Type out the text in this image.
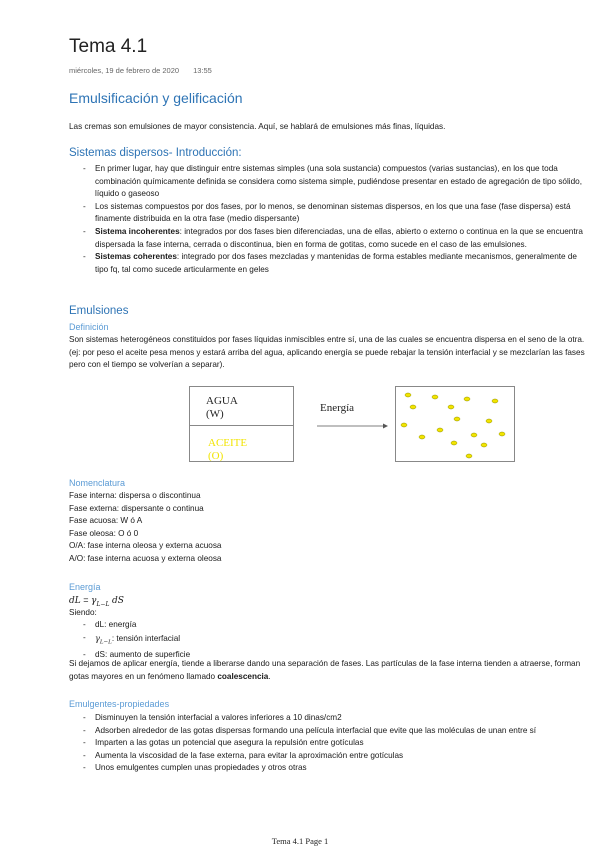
Tema 4.1
miércoles, 19 de febrero de 2020 13:55
Emulsificación y gelificación
Las cremas son emulsiones de mayor consistencia. Aquí, se hablará de emulsiones más finas, líquidas.
Sistemas dispersos- Introducción:
- En primer lugar, hay que distinguir entre sistemas simples (una sola sustancia) compuestos (varias sustancias), en los que toda combinación químicamente definida se considera como sistema simple, pudiéndose presentar en estado de agregación de tipo sólido, líquido o gaseoso
- Los sistemas compuestos por dos fases, por lo menos, se denominan sistemas dispersos, en los que una fase (fase dispersa) está finamente distribuida en la otra fase (medio dispersante)
- Sistema incoherentes: integrados por dos fases bien diferenciadas, una de ellas, abierto o externo o continua en la que se encuentra dispersada la fase interna, cerrada o discontinua, bien en forma de gotitas, como sucede en el caso de las emulsiones.
- Sistemas coherentes: integrado por dos fases mezcladas y mantenidas de forma estables mediante mecanismos, generalmente de tipo fq, tal como sucede articularmente en geles
Emulsiones
Definición
Son sistemas heterogéneos constituidos por fases líquidas inmiscibles entre sí, una de las cuales se encuentra dispersa en el seno de la otra. (ej: por peso el aceite pesa menos y estará arriba del agua, aplicando energía se puede rebajar la tensión interfacial y se mezclarían las fases pero con el tiempo se volverían a separar).
AGUA
(W)
ACEITE
(O)
Energía
Nomenclatura
Fase interna: dispersa o discontinua
Fase externa: dispersante o continua
Fase acuosa: W ó A
Fase oleosa: O ó 0
O/A: fase interna oleosa y externa acuosa
A/O: fase interna acuosa y externa oleosa
Energía
dL = $\gamma_{L-L}$ dS
Siendo:
- dL: energía
- $\gamma_{L-L}$: tensión interfacial
- dS: aumento de superficie
Si dejamos de aplicar energía, tiende a liberarse dando una separación de fases. Las partículas de la fase interna tienden a atraerse, forman gotas mayores en un fenómeno llamado coalescencia.
Emulgentes-propiedades
- Disminuyen la tensión interfacial a valores inferiores a 10 dinas/cm2
- Adsorben alrededor de las gotas dispersas formando una película interfacial que evite que las moléculas de unan entre sí
- Imparten a las gotas un potencial que asegura la repulsión entre gotículas
- Aumenta la viscosidad de la fase externa, para evitar la aproximación entre gotículas
- Unos emulgentes cumplen unas propiedades y otros otras
Tema 4.1 Page 1
